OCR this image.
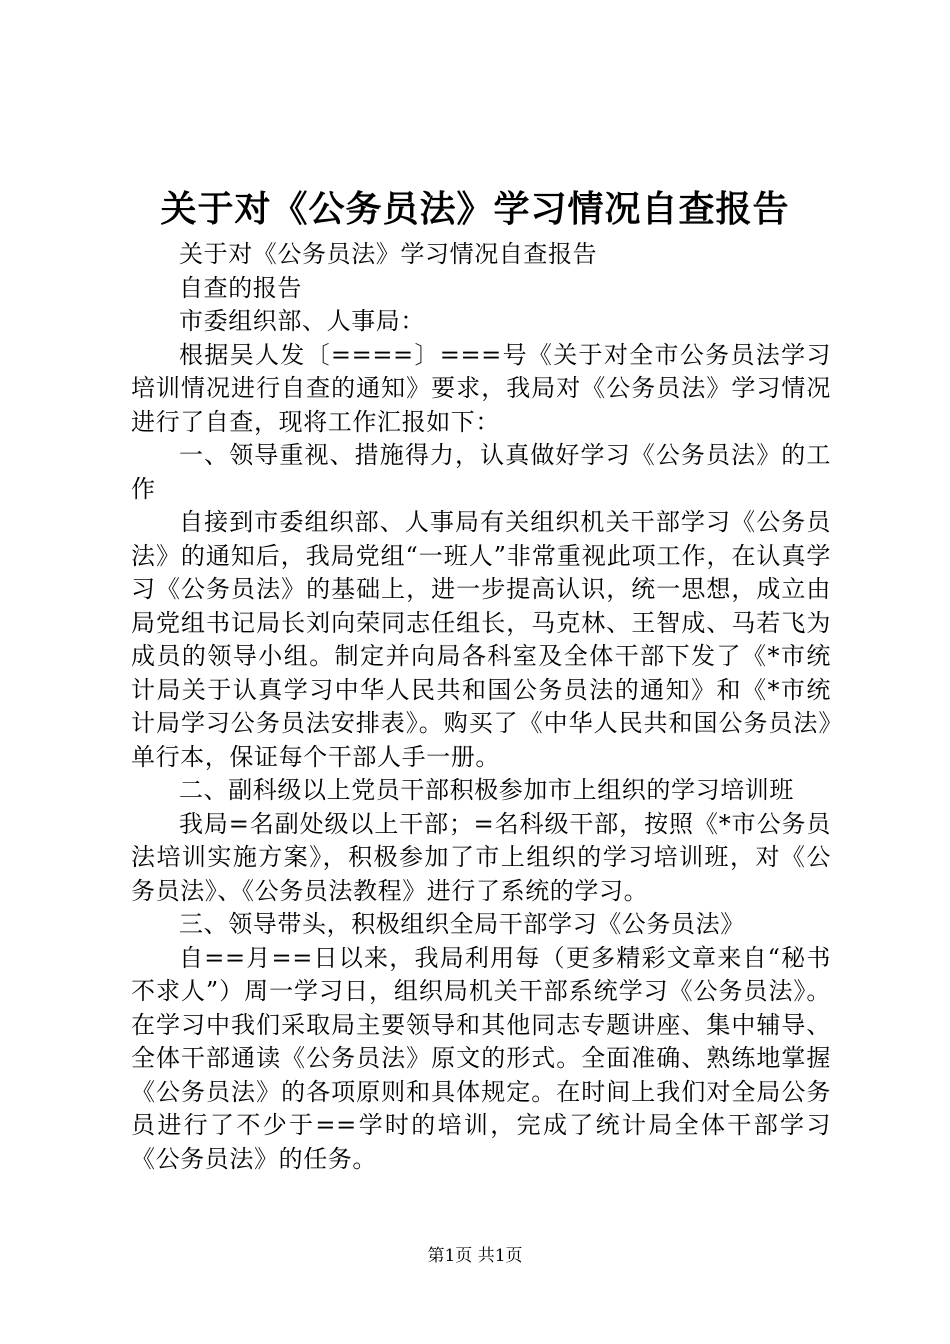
关于对《公务员法》学习情况自查报告

关于对《公务员法》学习情况自查报告

自查的报告

市委组织部、人事局：

根据吴人发〔====〕===号《关于对全市公务员法学习培训情况进行自查的通知》要求，我局对《公务员法》学习情况进行了自查，现将工作汇报如下：

一、领导重视、措施得力，认真做好学习《公务员法》的工作

自接到市委组织部、人事局有关组织机关干部学习《公务员法》的通知后，我局党组“一班人”非常重视此项工作，在认真学习《公务员法》的基础上，进一步提高认识，统一思想，成立由局党组书记局长刘向荣同志任组长，马克林、王智成、马若飞为成员的领导小组。制定并向局各科室及全体干部下发了《*市统计局关于认真学习中华人民共和国公务员法的通知》和《*市统计局学习公务员法安排表》。购买了《中华人民共和国公务员法》单行本，保证每个干部人手一册。

二、副科级以上党员干部积极参加市上组织的学习培训班

我局=名副处级以上干部；=名科级干部，按照《*市公务员法培训实施方案》，积极参加了市上组织的学习培训班，对《公务员法》、《公务员法教程》进行了系统的学习。

三、领导带头，积极组织全局干部学习《公务员法》

自==月==日以来，我局利用每（更多精彩文章来自“秘书不求人”）周一学习日，组织局机关干部系统学习《公务员法》。在学习中我们采取局主要领导和其他同志专题讲座、集中辅导、全体干部通读《公务员法》原文的形式。全面准确、熟练地掌握《公务员法》的各项原则和具体规定。在时间上我们对全局公务员进行了不少于==学时的培训，完成了统计局全体干部学习《公务员法》的任务。

第1页 共1页
